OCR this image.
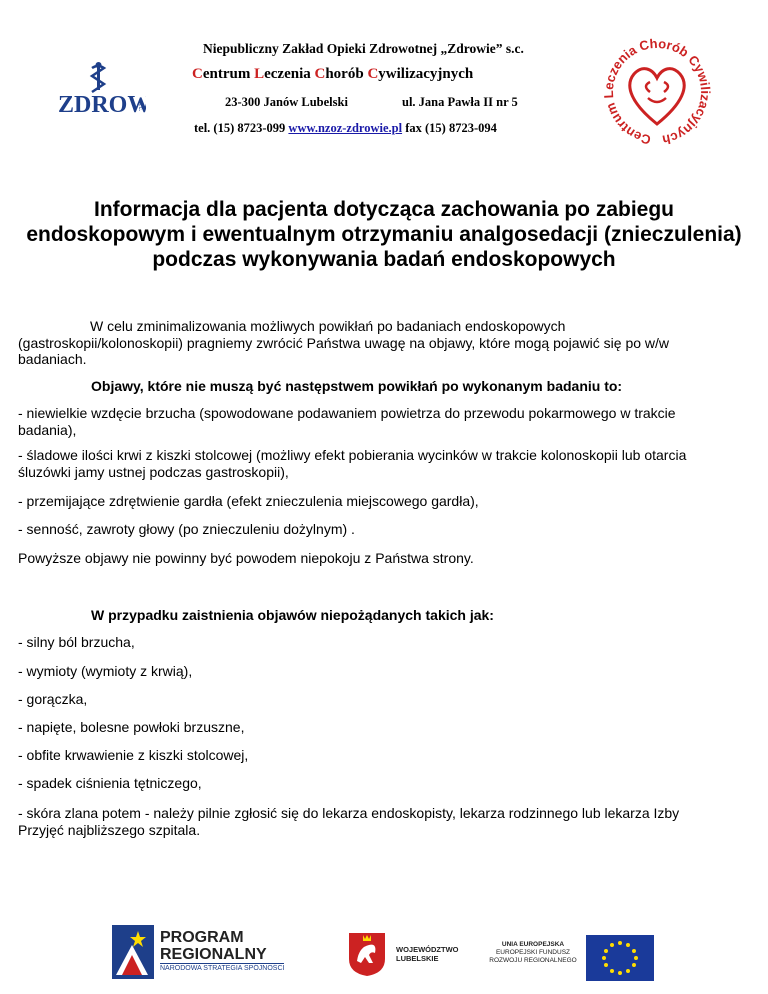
ZDROW
s.c.
Niepubliczny Zakład Opieki Zdrowotnej „Zdrowie” s.c.
Centrum Leczenia Chorób Cywilizacyjnych
23-300 Janów Lubelski	ul. Jana Pawła II nr 5
tel. (15) 8723-099 www.nzoz-zdrowie.pl fax (15) 8723-094
Centrum Leczenia Chorób Cywilizacyjnych
Informacja dla pacjenta dotycząca zachowania po zabiegu endoskopowym i ewentualnym otrzymaniu analgosedacji (znieczulenia) podczas wykonywania badań endoskopowych
W celu zminimalizowania możliwych powikłań po badaniach endoskopowych (gastroskopii/kolonoskopii) pragniemy zwrócić Państwa uwagę na objawy, które mogą pojawić się po w/w badaniach.
Objawy, które nie muszą być następstwem powikłań po wykonanym badaniu to:
- niewielkie wzdęcie brzucha (spowodowane podawaniem powietrza do przewodu pokarmowego w trakcie badania),
- śladowe ilości krwi z kiszki stolcowej (możliwy efekt pobierania wycinków w trakcie kolonoskopii lub otarcia śluzówki jamy ustnej podczas gastroskopii),
- przemijające zdrętwienie gardła (efekt znieczulenia miejscowego gardła),
- senność, zawroty głowy (po znieczuleniu dożylnym) .
Powyższe objawy nie powinny być powodem niepokoju z Państwa strony.
W przypadku zaistnienia objawów niepożądanych takich jak:
- silny ból brzucha,
- wymioty (wymioty z krwią),
- gorączka,
- napięte, bolesne powłoki brzuszne,
- obfite krwawienie z kiszki stolcowej,
- spadek ciśnienia tętniczego,
- skóra zlana potem - należy pilnie zgłosić się do lekarza endoskopisty, lekarza rodzinnego lub lekarza Izby Przyjęć najbliższego szpitala.
PROGRAM
REGIONALNY
NARODOWA STRATEGIA SPÓJNOŚCI
WOJEWÓDZTWO
LUBELSKIE
UNIA EUROPEJSKA
EUROPEJSKI FUNDUSZ
ROZWOJU REGIONALNEGO
